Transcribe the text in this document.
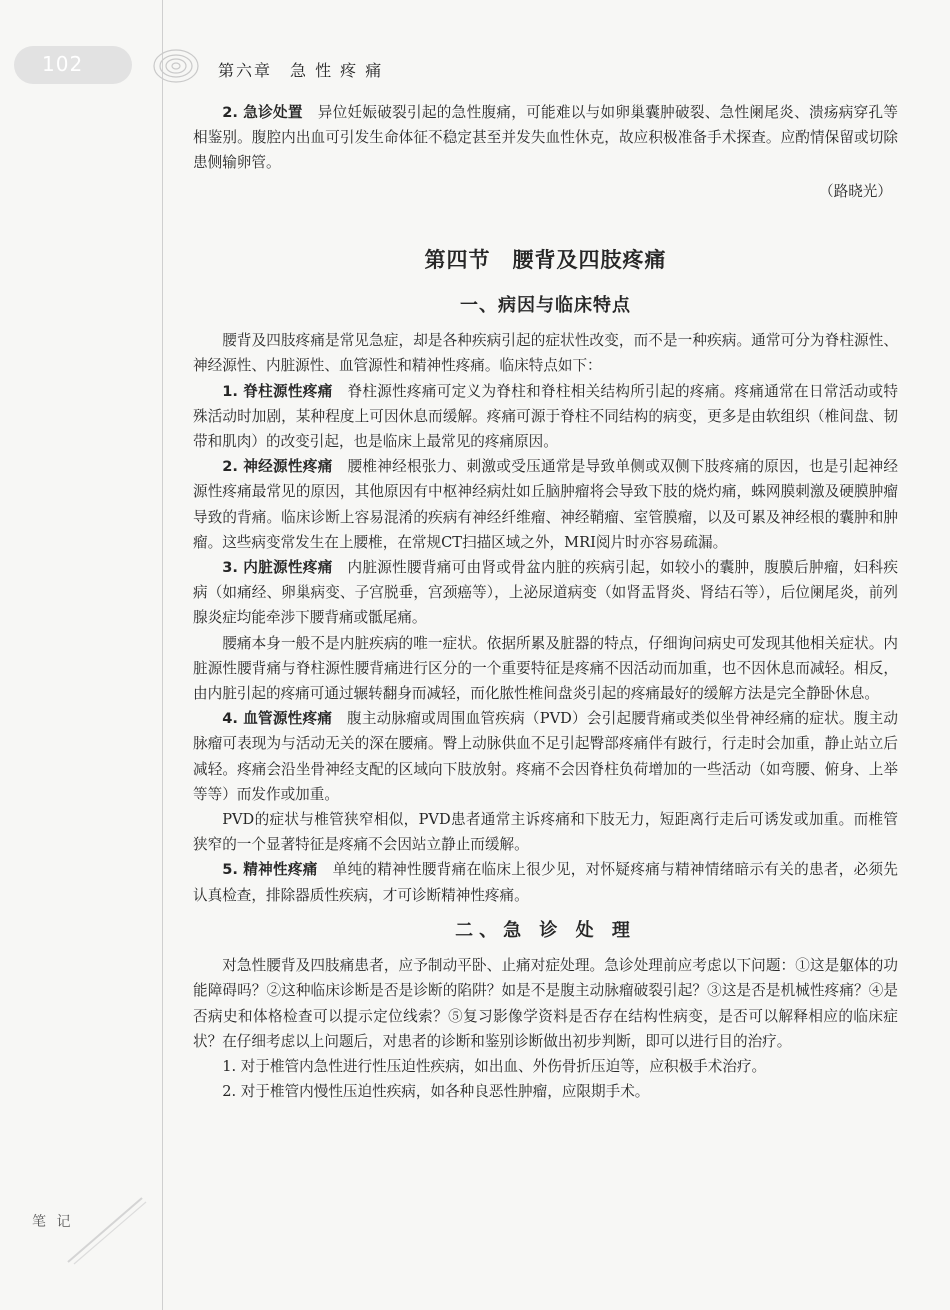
102	第六章　急 性 疼 痛

2. 急诊处置　 异位妊娠破裂引起的急性腹痛，可能难以与如卵巢囊肿破裂、急性阑尾炎、溃疡病穿孔等相鉴别。腹腔内出血可引发生命体征不稳定甚至并发失血性休克，故应积极准备手术探查。应酌情保留或切除患侧输卵管。

（路晓光）
第四节　腰背及四肢疼痛
一、病因与临床特点

腰背及四肢疼痛是常见急症，却是各种疾病引起的症状性改变，而不是一种疾病。通常可分为脊柱源性、神经源性、内脏源性、血管源性和精神性疼痛。临床特点如下：

1. 脊柱源性疼痛　 脊柱源性疼痛可定义为脊柱和脊柱相关结构所引起的疼痛。疼痛通常在日常活动或特殊活动时加剧，某种程度上可因休息而缓解。疼痛可源于脊柱不同结构的病变，更多是由软组织（椎间盘、韧带和肌肉）的改变引起，也是临床上最常见的疼痛原因。

2. 神经源性疼痛　 腰椎神经根张力、刺激或受压通常是导致单侧或双侧下肢疼痛的原因，也是引起神经源性疼痛最常见的原因，其他原因有中枢神经病灶如丘脑肿瘤将会导致下肢的烧灼痛，蛛网膜刺激及硬膜肿瘤导致的背痛。临床诊断上容易混淆的疾病有神经纤维瘤、神经鞘瘤、室管膜瘤，以及可累及神经根的囊肿和肿瘤。这些病变常发生在上腰椎，在常规CT扫描区域之外，MRI阅片时亦容易疏漏。

3. 内脏源性疼痛　 内脏源性腰背痛可由肾或骨盆内脏的疾病引起，如较小的囊肿，腹膜后肿瘤，妇科疾病（如痛经、卵巢病变、子宫脱垂，宫颈癌等），上泌尿道病变（如肾盂肾炎、肾结石等），后位阑尾炎，前列腺炎症均能牵涉下腰背痛或骶尾痛。

腰痛本身一般不是内脏疾病的唯一症状。依据所累及脏器的特点，仔细询问病史可发现其他相关症状。内脏源性腰背痛与脊柱源性腰背痛进行区分的一个重要特征是疼痛不因活动而加重，也不因休息而减轻。相反，由内脏引起的疼痛可通过辗转翻身而减轻，而化脓性椎间盘炎引起的疼痛最好的缓解方法是完全静卧休息。

4. 血管源性疼痛　 腹主动脉瘤或周围血管疾病（PVD）会引起腰背痛或类似坐骨神经痛的症状。腹主动脉瘤可表现为与活动无关的深在腰痛。臀上动脉供血不足引起臀部疼痛伴有跛行，行走时会加重，静止站立后减轻。疼痛会沿坐骨神经支配的区域向下肢放射。疼痛不会因脊柱负荷增加的一些活动（如弯腰、俯身、上举等等）而发作或加重。

PVD的症状与椎管狭窄相似，PVD患者通常主诉疼痛和下肢无力，短距离行走后可诱发或加重。而椎管狭窄的一个显著特征是疼痛不会因站立静止而缓解。

5. 精神性疼痛　 单纯的精神性腰背痛在临床上很少见，对怀疑疼痛与精神情绪暗示有关的患者，必须先认真检查，排除器质性疾病，才可诊断精神性疼痛。

二、急 诊 处 理

对急性腰背及四肢痛患者，应予制动平卧、止痛对症处理。急诊处理前应考虑以下问题：①这是躯体的功能障碍吗？②这种临床诊断是否是诊断的陷阱？如是不是腹主动脉瘤破裂引起？③这是否是机械性疼痛？④是否病史和体格检查可以提示定位线索？⑤复习影像学资料是否存在结构性病变，是否可以解释相应的临床症状？在仔细考虑以上问题后，对患者的诊断和鉴别诊断做出初步判断，即可以进行目的治疗。

1. 对于椎管内急性进行性压迫性疾病，如出血、外伤骨折压迫等，应积极手术治疗。

2. 对于椎管内慢性压迫性疾病，如各种良恶性肿瘤，应限期手术。

笔 记
